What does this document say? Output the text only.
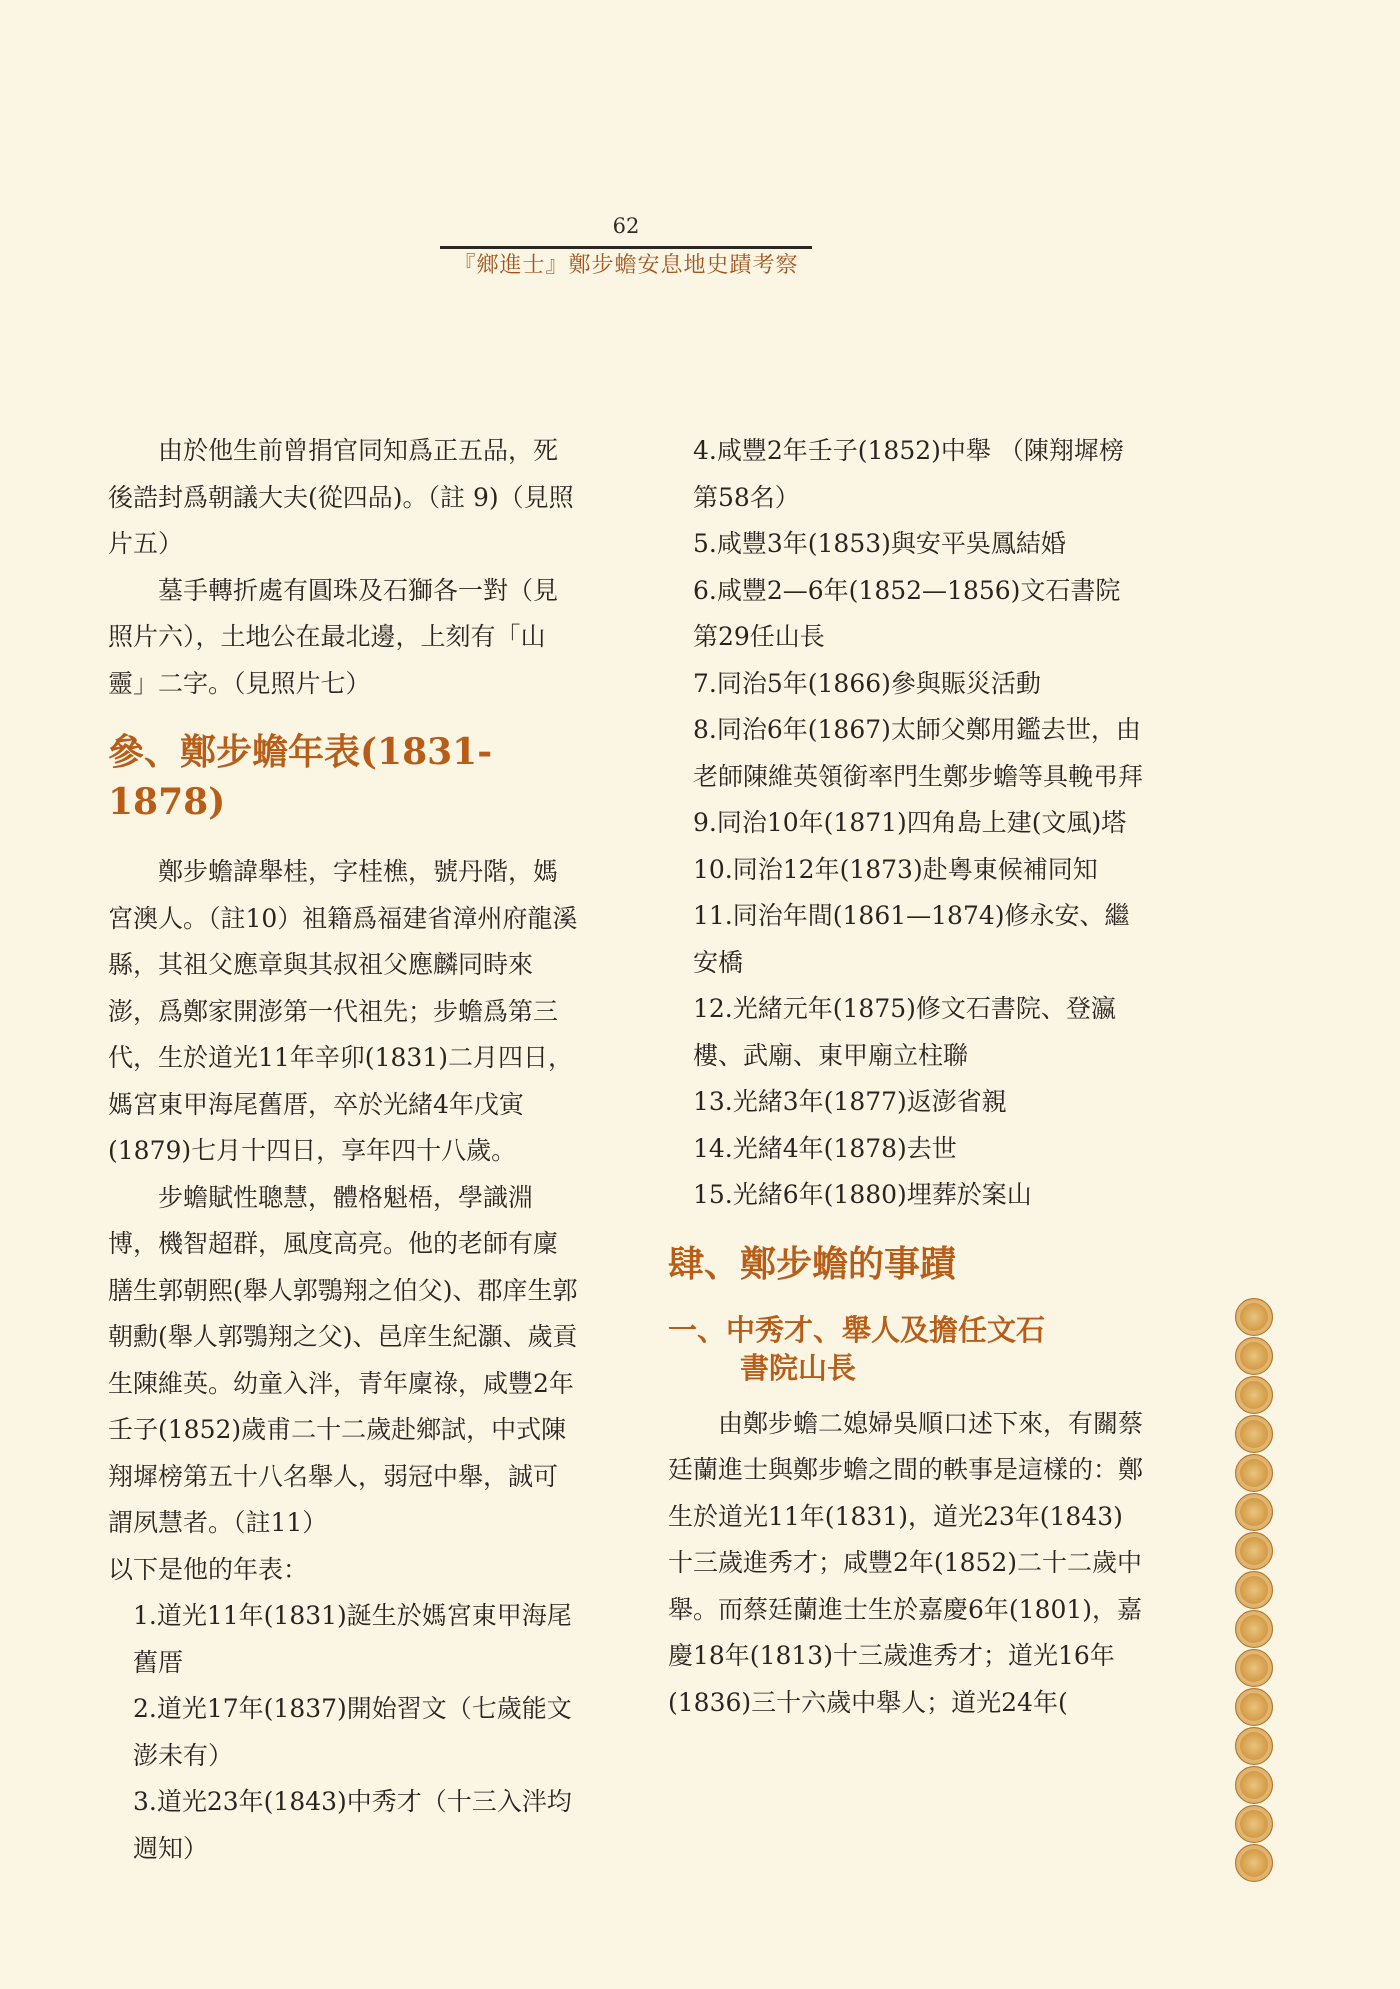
62
『鄉進士』鄭步蟾安息地史蹟考察

由於他生前曾捐官同知爲正五品，死後誥封爲朝議大夫(從四品)。（註 9)（見照片五）

墓手轉折處有圓珠及石獅各一對（見照片六），土地公在最北邊，上刻有「山靈」二字。（見照片七）

參、鄭步蟾年表(1831-1878)

鄭步蟾諱舉桂，字桂樵，號丹階，媽宮澳人。（註10）祖籍爲福建省漳州府龍溪縣，其祖父應章與其叔祖父應麟同時來澎，爲鄭家開澎第一代祖先；步蟾爲第三代，生於道光11年辛卯(1831)二月四日，媽宮東甲海尾舊厝，卒於光緒4年戊寅(1879)七月十四日，享年四十八歲。

步蟾賦性聰慧，體格魁梧，學識淵博，機智超群，風度高亮。他的老師有廩膳生郭朝熙(舉人郭鶚翔之伯父)、郡庠生郭朝勳(舉人郭鶚翔之父)、邑庠生紀灝、歲貢生陳維英。幼童入泮，青年廩祿，咸豐2年壬子(1852)歲甫二十二歲赴鄉試，中式陳翔墀榜第五十八名舉人，弱冠中舉，誠可謂夙慧者。（註11）

以下是他的年表：

1.道光11年(1831)誕生於媽宮東甲海尾舊厝

2.道光17年(1837)開始習文（七歲能文澎未有）

3.道光23年(1843)中秀才（十三入泮均週知）

4.咸豐2年壬子(1852)中舉 （陳翔墀榜第58名）

5.咸豐3年(1853)與安平吳鳳結婚

6.咸豐2—6年(1852—1856)文石書院第29任山長

7.同治5年(1866)參與賑災活動

8.同治6年(1867)太師父鄭用鑑去世，由老師陳維英領銜率門生鄭步蟾等具輓弔拜

9.同治10年(1871)四角島上建(文風)塔

10.同治12年(1873)赴粵東候補同知

11.同治年間(1861—1874)修永安、繼安橋

12.光緒元年(1875)修文石書院、登瀛樓、武廟、東甲廟立柱聯

13.光緒3年(1877)返澎省親

14.光緒4年(1878)去世

15.光緒6年(1880)埋葬於案山

肆、鄭步蟾的事蹟
一、中秀才、舉人及擔任文石
書院山長

由鄭步蟾二媳婦吳順口述下來，有關蔡廷蘭進士與鄭步蟾之間的軼事是這樣的：鄭生於道光11年(1831)，道光23年(1843)十三歲進秀才；咸豐2年(1852)二十二歲中舉。而蔡廷蘭進士生於嘉慶6年(1801)，嘉慶18年(1813)十三歲進秀才；道光16年(1836)三十六歲中舉人；道光24年(
